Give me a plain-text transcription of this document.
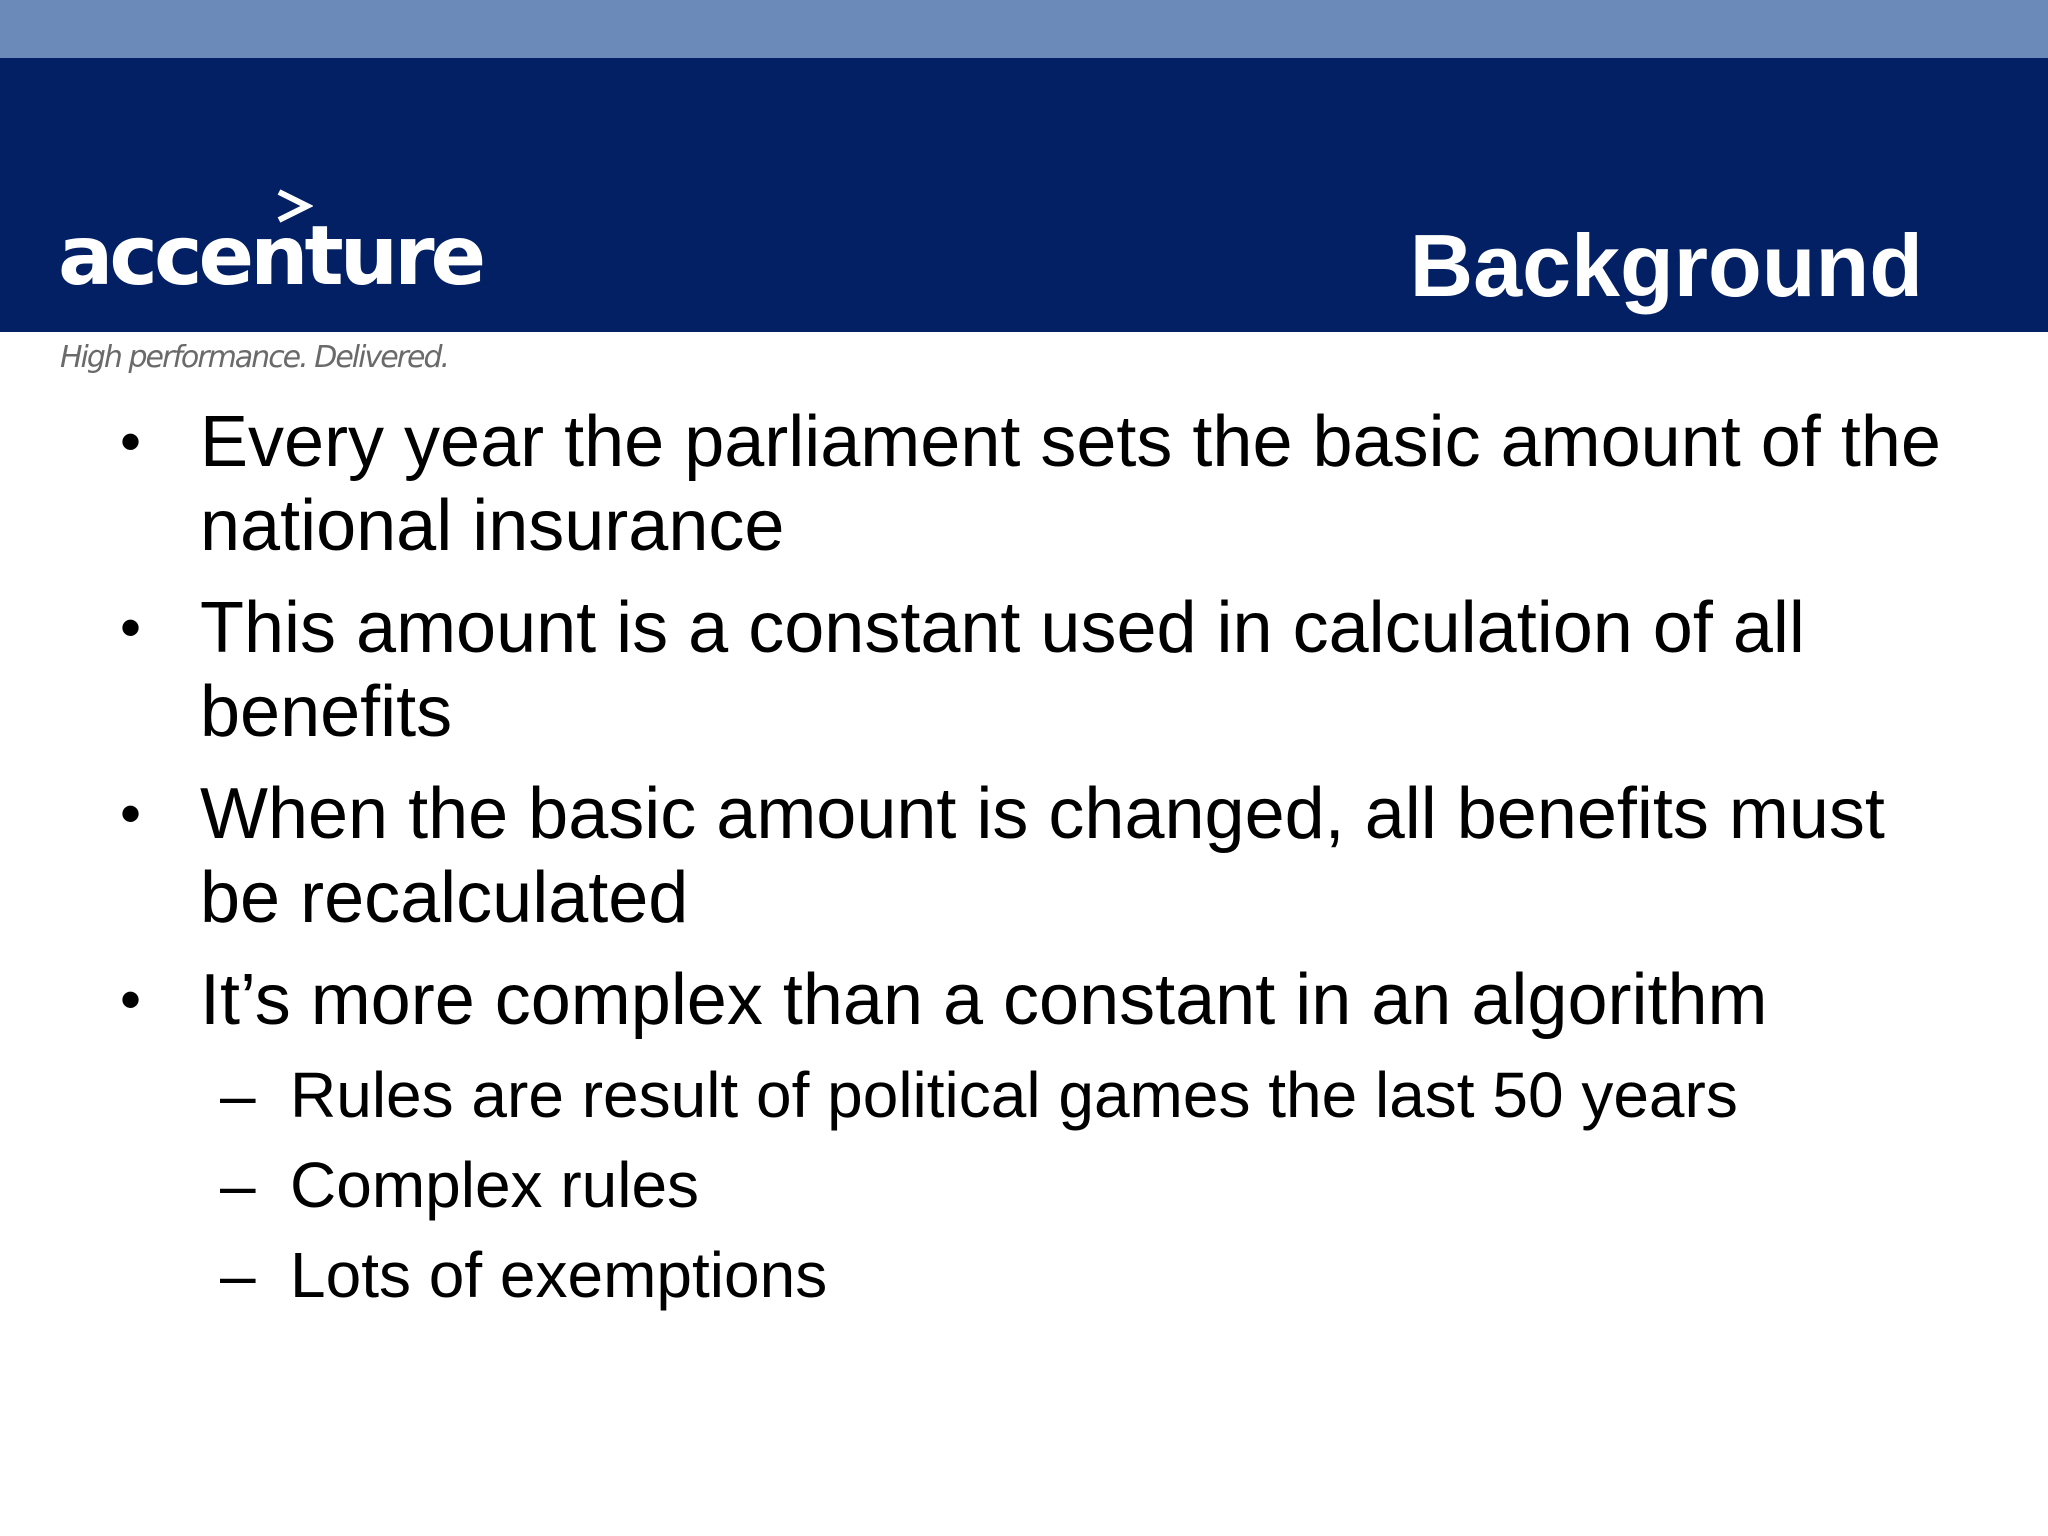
accenture
High performance. Delivered.
Background
• Every year the parliament sets the basic amount of the national insurance
• This amount is a constant used in calculation of all benefits
• When the basic amount is changed, all benefits must be recalculated
• It’s more complex than a constant in an algorithm
– Rules are result of political games the last 50 years
– Complex rules
– Lots of exemptions
